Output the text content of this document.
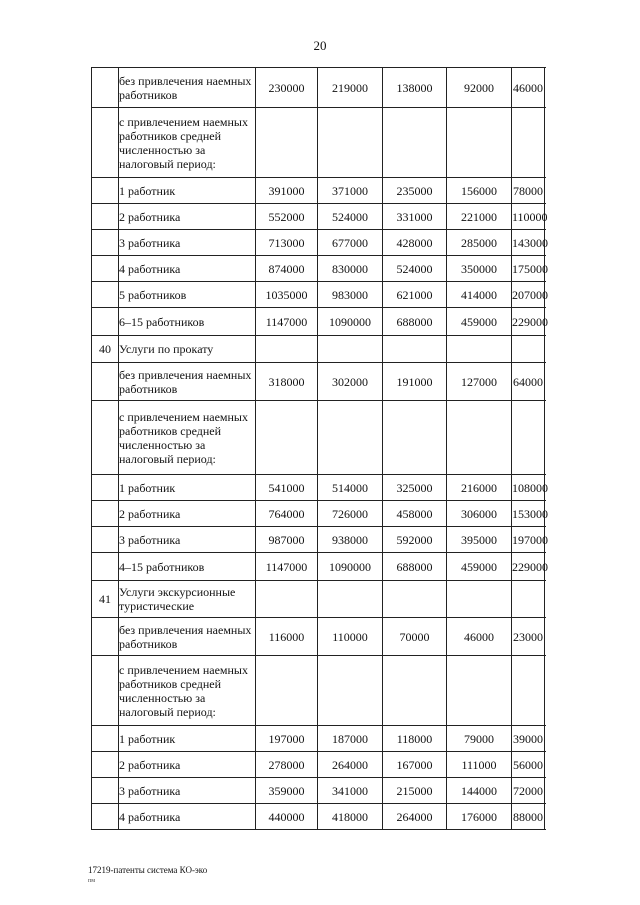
20
	без привлечения наемных работников	230000	219000	138000	92000	46000
	с привлечением наемных работников средней численностью за налоговый период:					
	1 работник	391000	371000	235000	156000	78000
	2 работника	552000	524000	331000	221000	110000
	3 работника	713000	677000	428000	285000	143000
	4 работника	874000	830000	524000	350000	175000
	5 работников	1035000	983000	621000	414000	207000
	6–15 работников	1147000	1090000	688000	459000	229000
40	Услуги по прокату					
	без привлечения наемных работников	318000	302000	191000	127000	64000
	с привлечением наемных работников средней численностью за налоговый период:					
	1 работник	541000	514000	325000	216000	108000
	2 работника	764000	726000	458000	306000	153000
	3 работника	987000	938000	592000	395000	197000
	4–15 работников	1147000	1090000	688000	459000	229000
41	Услуги экскурсионные туристические					
	без привлечения наемных работников	116000	110000	70000	46000	23000
	с привлечением наемных работников средней численностью за налоговый период:					
	1 работник	197000	187000	118000	79000	39000
	2 работника	278000	264000	167000	111000	56000
	3 работника	359000	341000	215000	144000	72000
	4 работника	440000	418000	264000	176000	88000
17219-патенты система КО-эко
пм
